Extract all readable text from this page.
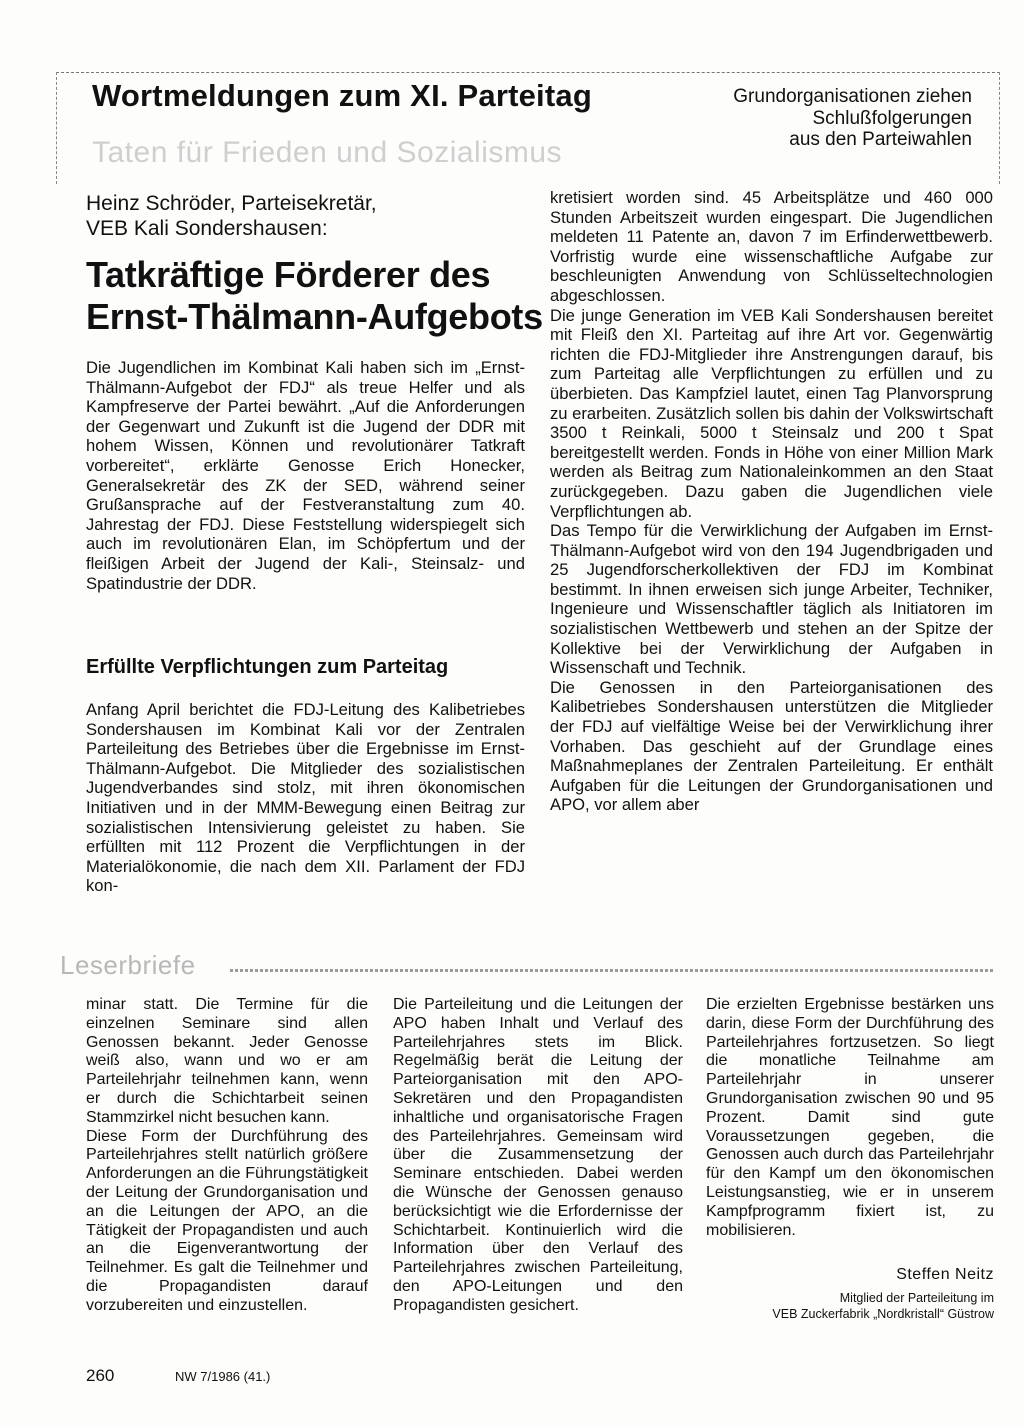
Wortmeldungen zum XI. Parteitag
Taten für Frieden und Sozialismus
Grundorganisationen ziehen
Schlußfolgerungen
aus den Parteiwahlen
Heinz Schröder, Parteisekretär,
VEB Kali Sondershausen:
Tatkräftige Förderer des
Ernst-Thälmann-Aufgebots

Die Jugendlichen im Kombinat Kali haben sich im „Ernst-Thälmann-Aufgebot der FDJ“ als treue Helfer und als Kampfreserve der Partei bewährt. „Auf die Anforderungen der Gegenwart und Zukunft ist die Jugend der DDR mit hohem Wissen, Können und revolutionärer Tatkraft vorbereitet“, erklärte Genosse Erich Honecker, Generalsekretär des ZK der SED, während seiner Grußansprache auf der Festveranstaltung zum 40. Jahrestag der FDJ. Diese Feststellung widerspiegelt sich auch im revolutionären Elan, im Schöpfertum und der fleißigen Arbeit der Jugend der Kali-, Steinsalz- und Spatindustrie der DDR.

Erfüllte Verpflichtungen zum Parteitag

Anfang April berichtet die FDJ-Leitung des Kalibetriebes Sondershausen im Kombinat Kali vor der Zentralen Parteileitung des Betriebes über die Ergebnisse im Ernst-Thälmann-Aufgebot. Die Mitglieder des sozialistischen Jugendverbandes sind stolz, mit ihren ökonomischen Initiativen und in der MMM-Bewegung einen Beitrag zur sozialistischen Intensivierung geleistet zu haben. Sie erfüllten mit 112 Prozent die Verpflichtungen in der Materialökonomie, die nach dem XII. Parlament der FDJ kon-

kretisiert worden sind. 45 Arbeitsplätze und 460 000 Stunden Arbeitszeit wurden eingespart. Die Jugendlichen meldeten 11 Patente an, davon 7 im Erfinderwettbewerb. Vorfristig wurde eine wissenschaftliche Aufgabe zur beschleunigten Anwendung von Schlüsseltechnologien abgeschlossen.

Die junge Generation im VEB Kali Sondershausen bereitet mit Fleiß den XI. Parteitag auf ihre Art vor. Gegenwärtig richten die FDJ-Mitglieder ihre Anstrengungen darauf, bis zum Parteitag alle Verpflichtungen zu erfüllen und zu überbieten. Das Kampfziel lautet, einen Tag Planvorsprung zu erarbeiten. Zusätzlich sollen bis dahin der Volkswirtschaft 3500 t Reinkali, 5000 t Steinsalz und 200 t Spat bereitgestellt werden. Fonds in Höhe von einer Million Mark werden als Beitrag zum Nationaleinkommen an den Staat zurückgegeben. Dazu gaben die Jugendlichen viele Verpflichtungen ab.

Das Tempo für die Verwirklichung der Aufgaben im Ernst-Thälmann-Aufgebot wird von den 194 Jugendbrigaden und 25 Jugendforscherkollektiven der FDJ im Kombinat bestimmt. In ihnen erweisen sich junge Arbeiter, Techniker, Ingenieure und Wissenschaftler täglich als Initiatoren im sozialistischen Wettbewerb und stehen an der Spitze der Kollektive bei der Verwirklichung der Aufgaben in Wissenschaft und Technik.

Die Genossen in den Parteiorganisationen des Kalibetriebes Sondershausen unterstützen die Mitglieder der FDJ auf vielfältige Weise bei der Verwirklichung ihrer Vorhaben. Das geschieht auf der Grundlage eines Maßnahmeplanes der Zentralen Parteileitung. Er enthält Aufgaben für die Leitungen der Grundorganisationen und APO, vor allem aber

Leserbriefe

minar statt. Die Termine für die einzelnen Seminare sind allen Genossen bekannt. Jeder Genosse weiß also, wann und wo er am Parteilehrjahr teilnehmen kann, wenn er durch die Schichtarbeit seinen Stammzirkel nicht besuchen kann.

Diese Form der Durchführung des Parteilehrjahres stellt natürlich größere Anforderungen an die Führungstätigkeit der Leitung der Grundorganisation und an die Leitungen der APO, an die Tätigkeit der Propagandisten und auch an die Eigenverantwortung der Teilnehmer. Es galt die Teilnehmer und die Propagandisten darauf vorzubereiten und einzustellen.

Die Parteileitung und die Leitungen der APO haben Inhalt und Verlauf des Parteilehrjahres stets im Blick. Regelmäßig berät die Leitung der Parteiorganisation mit den APO-Sekretären und den Propagandisten inhaltliche und organisatorische Fragen des Parteilehrjahres. Gemeinsam wird über die Zusammensetzung der Seminare entschieden. Dabei werden die Wünsche der Genossen genauso berücksichtigt wie die Erfordernisse der Schichtarbeit. Kontinuierlich wird die Information über den Verlauf des Parteilehrjahres zwischen Parteileitung, den APO-Leitungen und den Propagandisten gesichert.

Die erzielten Ergebnisse bestärken uns darin, diese Form der Durchführung des Parteilehrjahres fortzusetzen. So liegt die monatliche Teilnahme am Parteilehrjahr in unserer Grundorganisation zwischen 90 und 95 Prozent. Damit sind gute Voraussetzungen gegeben, die Genossen auch durch das Parteilehrjahr für den Kampf um den ökonomischen Leistungsanstieg, wie er in unserem Kampfprogramm fixiert ist, zu mobilisieren.

Steffen Neitz
Mitglied der Parteileitung im
VEB Zuckerfabrik „Nordkristall“ Güstrow
260	NW 7/1986 (41.)
